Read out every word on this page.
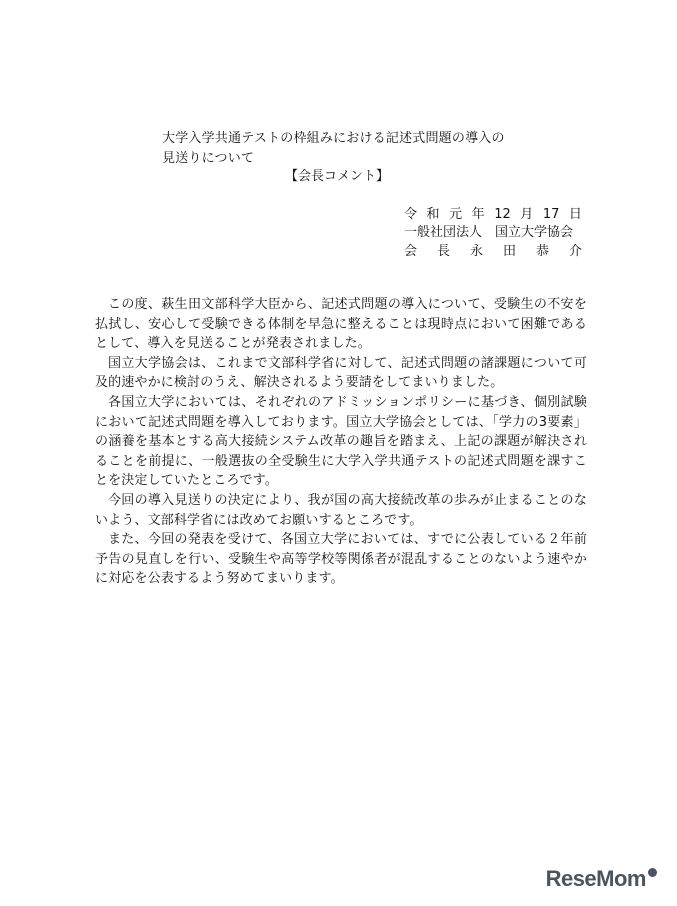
大学入学共通テストの枠組みにおける記述式問題の導入の
見送りについて
【会長コメント】
令 和 元 年 12 月 17 日
一般社団法人　国立大学協会
会 長 永 田 恭 介

この度、萩生田文部科学大臣から、記述式問題の導入について、受験生の不安を払拭し、安心して受験できる体制を早急に整えることは現時点において困難であるとして、導入を見送ることが発表されました。

国立大学協会は、これまで文部科学省に対して、記述式問題の諸課題について可及的速やかに検討のうえ、解決されるよう要請をしてまいりました。

各国立大学においては、それぞれのアドミッションポリシーに基づき、個別試験において記述式問題を導入しております。国立大学協会としては、「学力の3要素」の涵養を基本とする高大接続システム改革の趣旨を踏まえ、上記の課題が解決されることを前提に、一般選抜の全受験生に大学入学共通テストの記述式問題を課すことを決定していたところです。

今回の導入見送りの決定により、我が国の高大接続改革の歩みが止まることのないよう、文部科学省には改めてお願いするところです。

また、今回の発表を受けて、各国立大学においては、すでに公表している２年前予告の見直しを行い、受験生や高等学校等関係者が混乱することのないよう速やかに対応を公表するよう努めてまいります。

ReseMom
